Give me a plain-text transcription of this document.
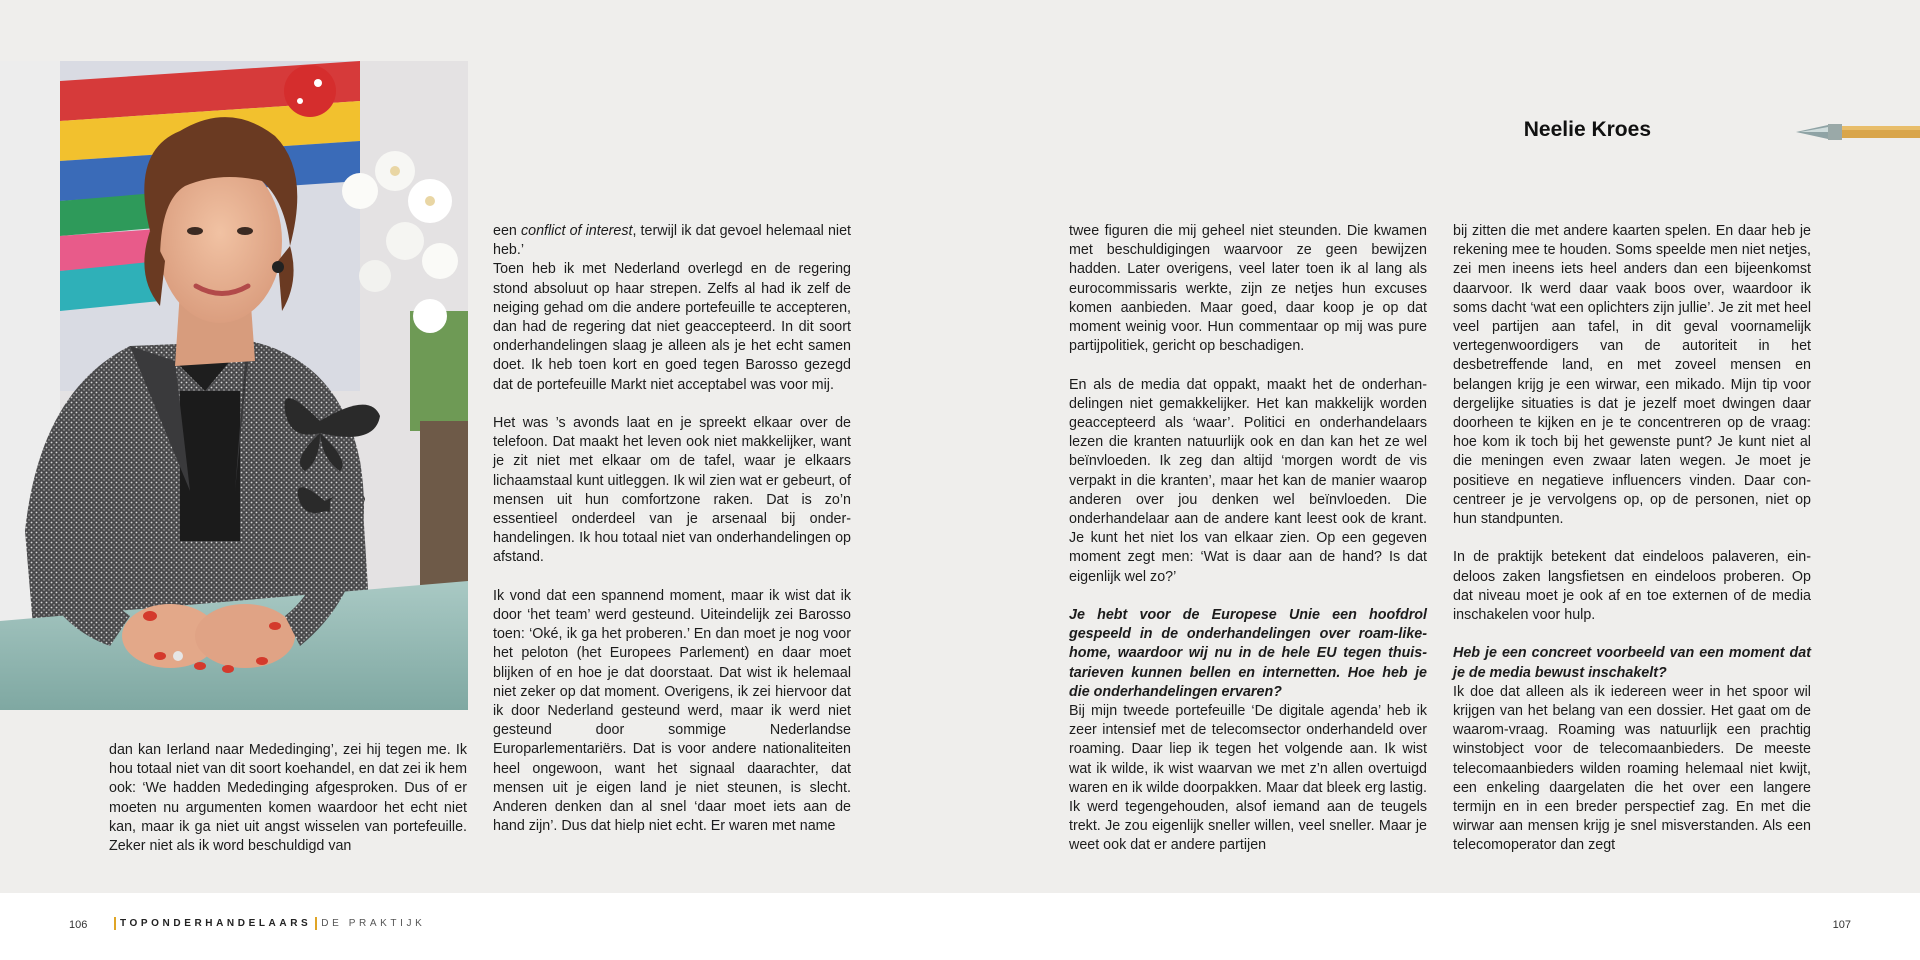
dan kan Ierland naar Mededinging’, zei hij tegen me. Ik hou totaal niet van dit soort koehandel, en dat zei ik hem ook: ‘We hadden Mededinging afgesproken. Dus of er moeten nu argumenten komen waardoor het echt niet kan, maar ik ga niet uit angst wisselen van portefeuille. Zeker niet als ik word beschuldigd van

een conflict of interest, terwijl ik dat gevoel helemaal niet heb.’

Toen heb ik met Nederland overlegd en de regering stond absoluut op haar strepen. Zelfs al had ik zelf de neiging gehad om die andere portefeuille te accepteren, dan had de regering dat niet geaccepteerd. In dit soort onderhandelingen slaag je alleen als je het echt samen doet. Ik heb toen kort en goed tegen Barosso gezegd dat de portefeuille Markt niet acceptabel was voor mij.

Het was ’s avonds laat en je spreekt elkaar over de telefoon. Dat maakt het leven ook niet makkelijker, want je zit niet met elkaar om de tafel, waar je elkaars lichaamstaal kunt uitleggen. Ik wil zien wat er gebeurt, of mensen uit hun comfortzone raken. Dat is zo’n essentieel onderdeel van je arsenaal bij onderhandelingen. Ik hou totaal niet van onderhandelingen op afstand.

Ik vond dat een spannend moment, maar ik wist dat ik door ‘het team’ werd gesteund. Uiteindelijk zei Barosso toen: ‘Oké, ik ga het proberen.’ En dan moet je nog voor het peloton (het Europees Parlement) en daar moet blijken of en hoe je dat doorstaat. Dat wist ik helemaal niet zeker op dat moment. Overigens, ik zei hiervoor dat ik door Nederland gesteund werd, maar ik werd niet gesteund door sommige Nederlandse Europarlementariërs. Dat is voor andere nationaliteiten heel ongewoon, want het signaal daarachter, dat mensen uit je eigen land je niet steunen, is slecht. Anderen denken dan al snel ‘daar moet iets aan de hand zijn’. Dus dat hielp niet echt. Er waren met name

Neelie Kroes

twee figuren die mij geheel niet steunden. Die kwamen met beschuldigingen waarvoor ze geen bewijzen hadden. Later overigens, veel later toen ik al lang als eurocommissaris werkte, zijn ze netjes hun excuses komen aanbieden. Maar goed, daar koop je op dat moment weinig voor. Hun commentaar op mij was pure partijpolitiek, gericht op beschadigen.

En als de media dat oppakt, maakt het de onderhandelingen niet gemakkelijker. Het kan makkelijk worden geaccepteerd als ‘waar’. Politici en onderhandelaars lezen die kranten natuurlijk ook en dan kan het ze wel beïnvloeden. Ik zeg dan altijd ‘morgen wordt de vis verpakt in die kranten’, maar het kan de manier waarop anderen over jou denken wel beïnvloeden. Die onderhandelaar aan de andere kant leest ook de krant. Je kunt het niet los van elkaar zien. Op een gegeven moment zegt men: ‘Wat is daar aan de hand? Is dat eigenlijk wel zo?’

Je hebt voor de Europese Unie een hoofdrol gespeeld in de onderhandelingen over roam-like-home, waardoor wij nu in de hele EU tegen thuistarieven kunnen bellen en internetten. Hoe heb je die onderhandelingen ervaren?

Bij mijn tweede portefeuille ‘De digitale agenda’ heb ik zeer intensief met de telecomsector onderhandeld over roaming. Daar liep ik tegen het volgende aan. Ik wist wat ik wilde, ik wist waarvan we met z’n allen overtuigd waren en ik wilde doorpakken. Maar dat bleek erg lastig. Ik werd tegengehouden, alsof iemand aan de teugels trekt. Je zou eigenlijk sneller willen, veel sneller. Maar je weet ook dat er andere partijen

bij zitten die met andere kaarten spelen. En daar heb je rekening mee te houden. Soms speelde men niet netjes, zei men ineens iets heel anders dan een bijeenkomst daarvoor. Ik werd daar vaak boos over, waardoor ik soms dacht ‘wat een oplichters zijn jullie’. Je zit met heel veel partijen aan tafel, in dit geval voornamelijk vertegenwoordigers van de autoriteit in het desbetreffende land, en met zoveel mensen en belangen krijg je een wirwar, een mikado. Mijn tip voor dergelijke situaties is dat je jezelf moet dwingen daar doorheen te kijken en je te concentreren op de vraag: hoe kom ik toch bij het gewenste punt? Je kunt niet al die meningen even zwaar laten wegen. Je moet je positieve en negatieve influencers vinden. Daar concentreer je je vervolgens op, op de personen, niet op hun standpunten.

In de praktijk betekent dat eindeloos palaveren, eindeloos zaken langsfietsen en eindeloos proberen. Op dat niveau moet je ook af en toe externen of de media inschakelen voor hulp.

Heb je een concreet voorbeeld van een moment dat je de media bewust inschakelt?

Ik doe dat alleen als ik iedereen weer in het spoor wil krijgen van het belang van een dossier. Het gaat om de waarom-vraag. Roaming was natuurlijk een prachtig winstobject voor de telecomaanbieders. De meeste telecomaanbieders wilden roaming helemaal niet kwijt, een enkeling daargelaten die het over een langere termijn en in een breder perspectief zag. En met die wirwar aan mensen krijg je snel misverstanden. Als een telecomoperator dan zegt

106	TOPONDERHANDELAARS DE PRAKTIJK	107
